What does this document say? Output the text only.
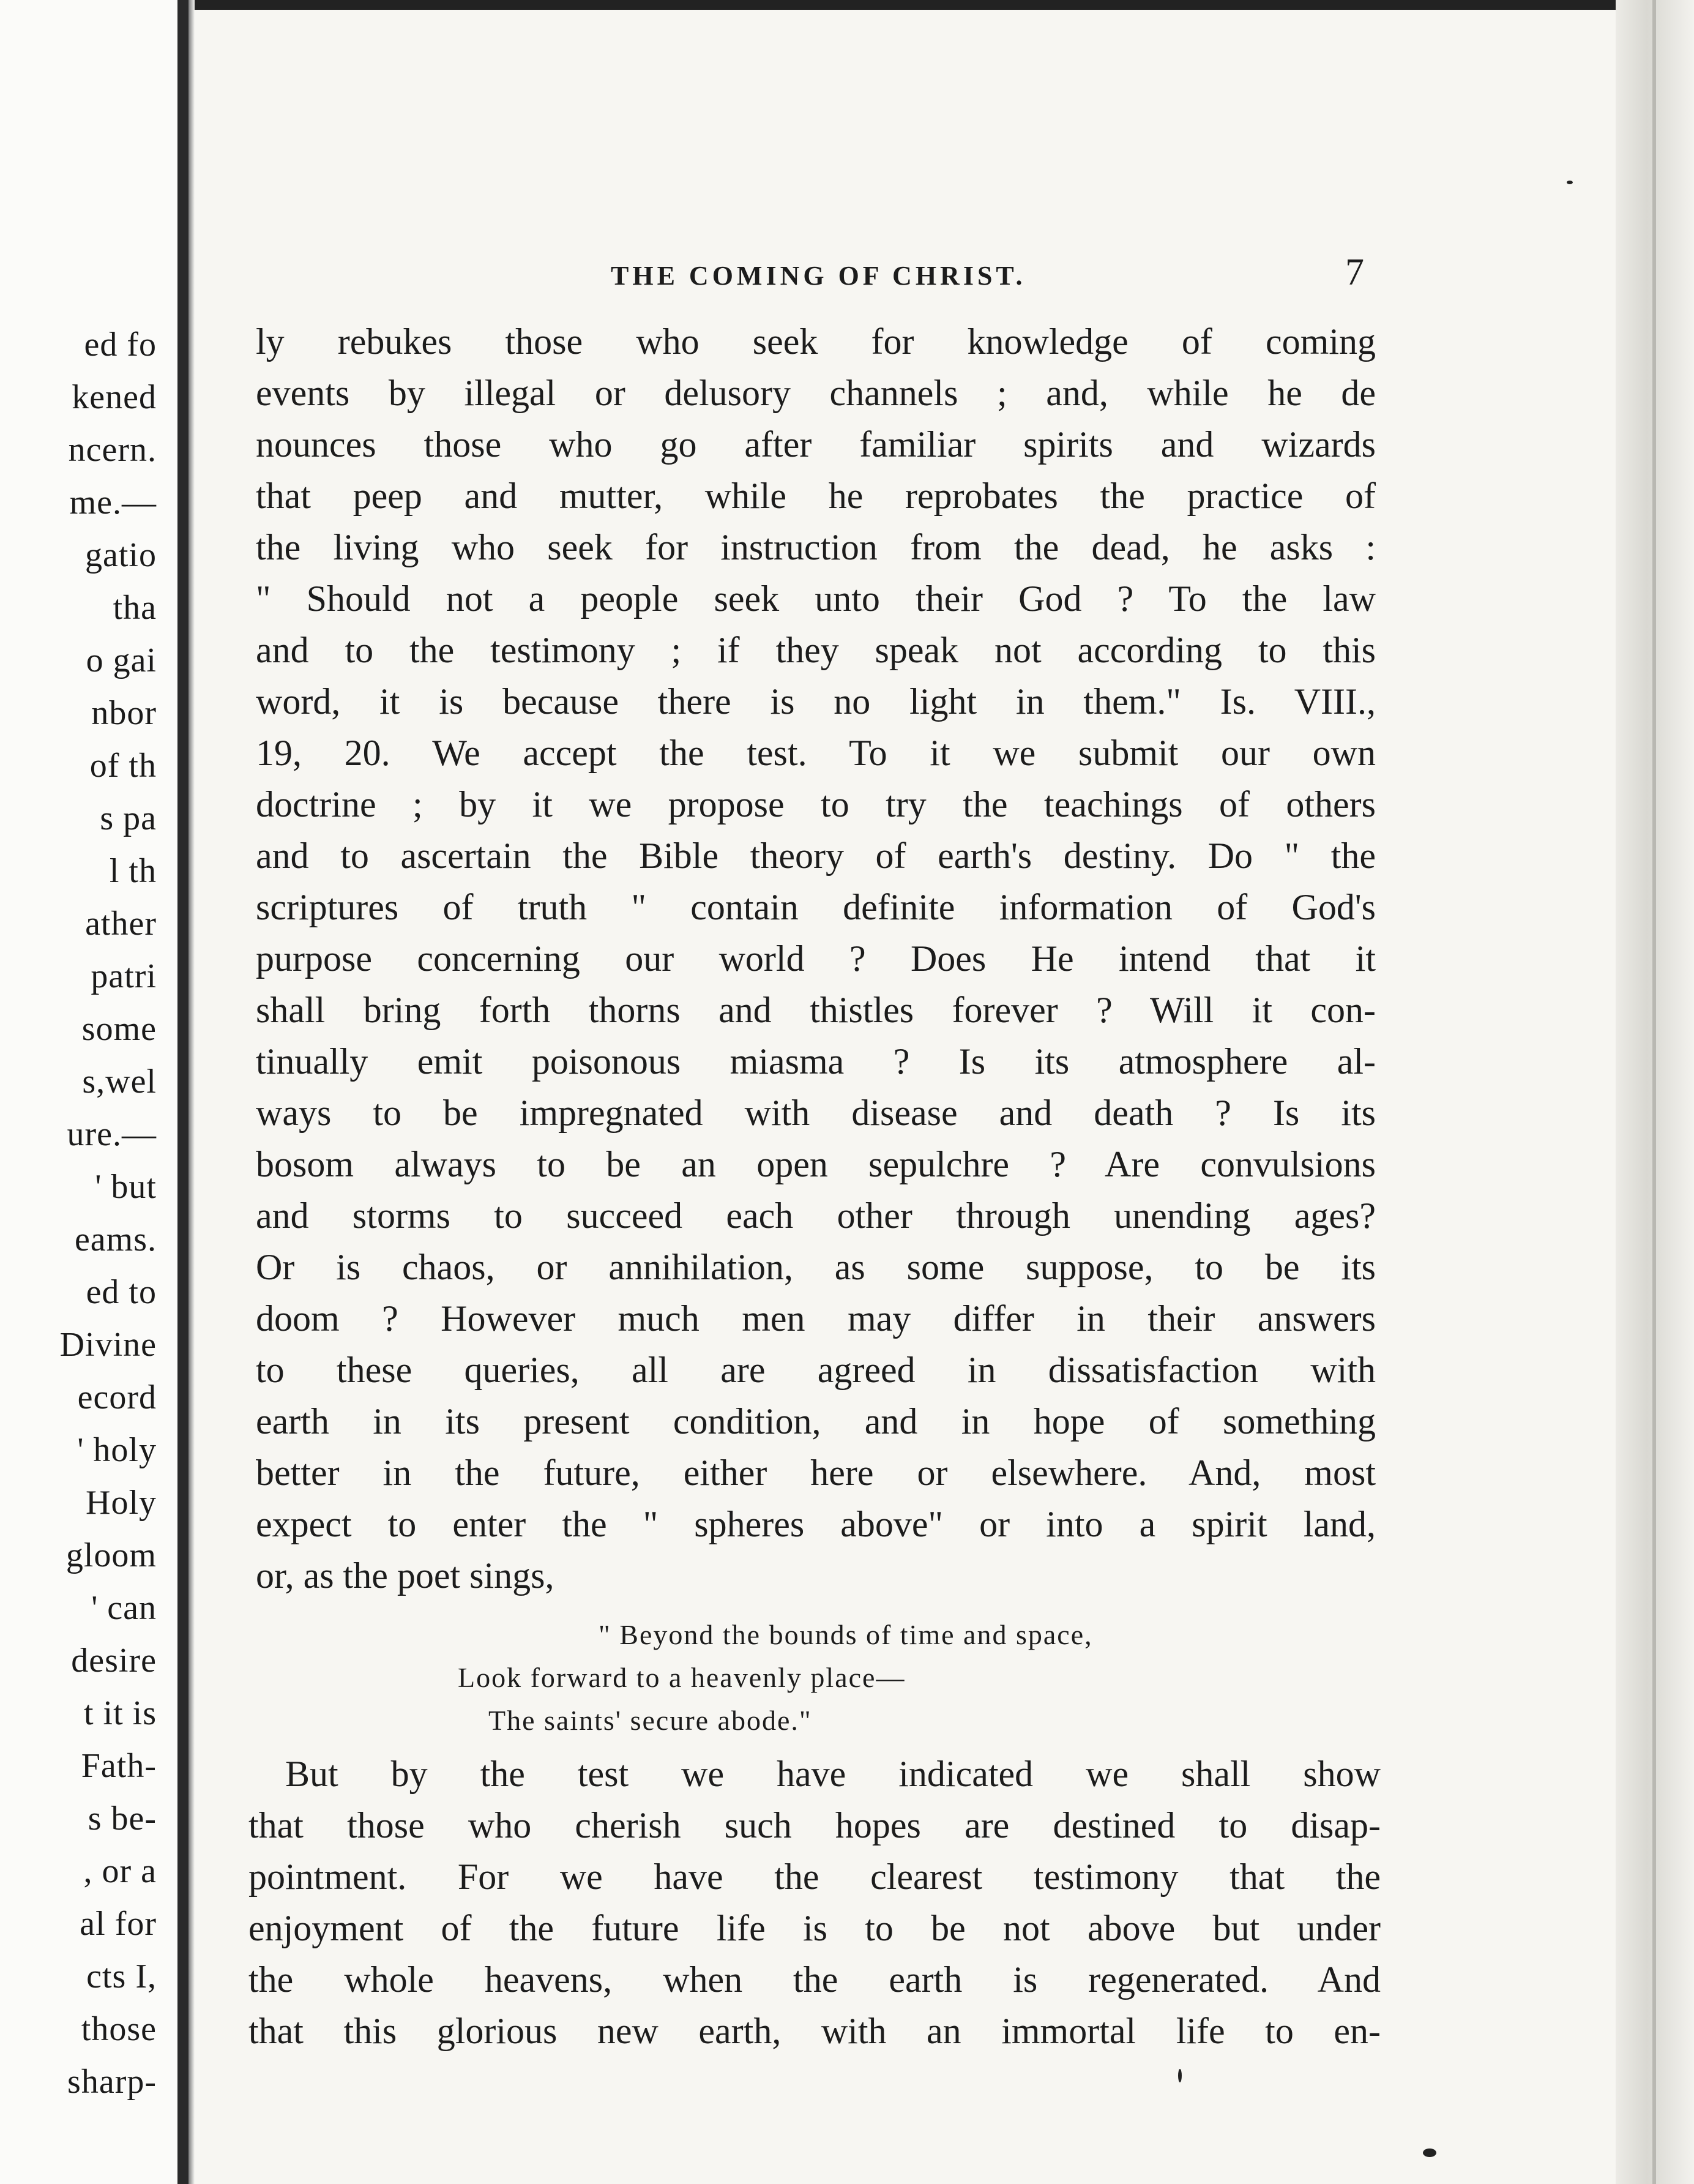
ed fo
kened
ncern.
me.—
gatio
tha
o gai
nbor
of th
s pa
l th
ather
patri
some
s,wel
ure.—
' but
eams.
ed to
Divine
ecord
' holy
Holy
gloom
' can
desire
t it is
Fath-
s be-
, or a
al for
cts I,
those
sharp-
THE COMING OF CHRIST.	7
ly rebukes those who seek for knowledge of coming
events by illegal or delusory channels ; and, while he de
nounces those who go after familiar spirits and wizards
that peep and mutter, while he reprobates the practice of
the living who seek for instruction from the dead, he asks :
" Should not a people seek unto their God ? To the law
and to the testimony ; if they speak not according to this
word, it is because there is no light in them." Is. VIII.,
19, 20. We accept the test. To it we submit our own
doctrine ; by it we propose to try the teachings of others
and to ascertain the Bible theory of earth's destiny. Do " the
scriptures of truth " contain definite information of God's
purpose concerning our world ? Does He intend that it
shall bring forth thorns and thistles forever ? Will it con-
tinually emit poisonous miasma ? Is its atmosphere al-
ways to be impregnated with disease and death ? Is its
bosom always to be an open sepulchre ? Are convulsions
and storms to succeed each other through unending ages?
Or is chaos, or annihilation, as some suppose, to be its
doom ? However much men may differ in their answers
to these queries, all are agreed in dissatisfaction with
earth in its present condition, and in hope of something
better in the future, either here or elsewhere. And, most
expect to enter the " spheres above" or into a spirit land,
or, as the poet sings,
" Beyond the bounds of time and space,
Look forward to a heavenly place—
The saints' secure abode."
But by the test we have indicated we shall show
that those who cherish such hopes are destined to disap-
pointment. For we have the clearest testimony that the
enjoyment of the future life is to be not above but under
the whole heavens, when the earth is regenerated. And
that this glorious new earth, with an immortal life to en-
